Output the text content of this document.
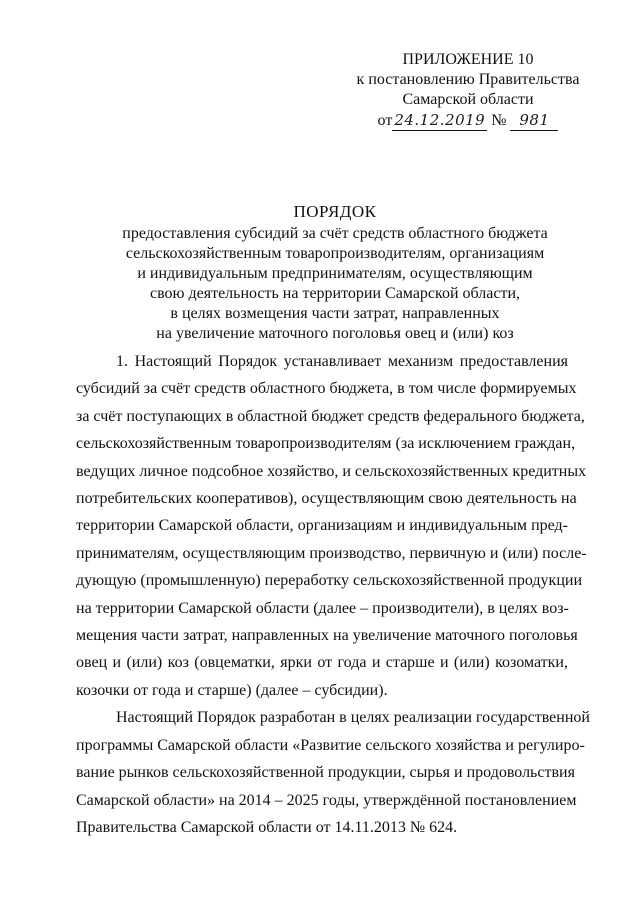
ПРИЛОЖЕНИЕ 10
к постановлению Правительства
Самарской области
от 24.12.2019 № 981
ПОРЯДОК
предоставления субсидий за счёт средств областного бюджета
сельскохозяйственным товаропроизводителям, организациям
и индивидуальным предпринимателям, осуществляющим
свою деятельность на территории Самарской области,
в целях возмещения части затрат, направленных
на увеличение маточного поголовья овец и (или) коз
1. Настоящий Порядок устанавливает механизм предоставления
субсидий за счёт средств областного бюджета, в том числе формируемых
за счёт поступающих в областной бюджет средств федерального бюджета,
сельскохозяйственным товаропроизводителям (за исключением граждан,
ведущих личное подсобное хозяйство, и сельскохозяйственных кредитных
потребительских кооперативов), осуществляющим свою деятельность на
территории Самарской области, организациям и индивидуальным пред-
принимателям, осуществляющим производство, первичную и (или) после-
дующую (промышленную) переработку сельскохозяйственной продукции
на территории Самарской области (далее – производители), в целях воз-
мещения части затрат, направленных на увеличение маточного поголовья
овец и (или) коз (овцематки, ярки от года и старше и (или) козоматки,
козочки от года и старше) (далее – субсидии).
Настоящий Порядок разработан в целях реализации государственной
программы Самарской области «Развитие сельского хозяйства и регулиро-
вание рынков сельскохозяйственной продукции, сырья и продовольствия
Самарской области» на 2014 – 2025 годы, утверждённой постановлением
Правительства Самарской области от 14.11.2013 № 624.
